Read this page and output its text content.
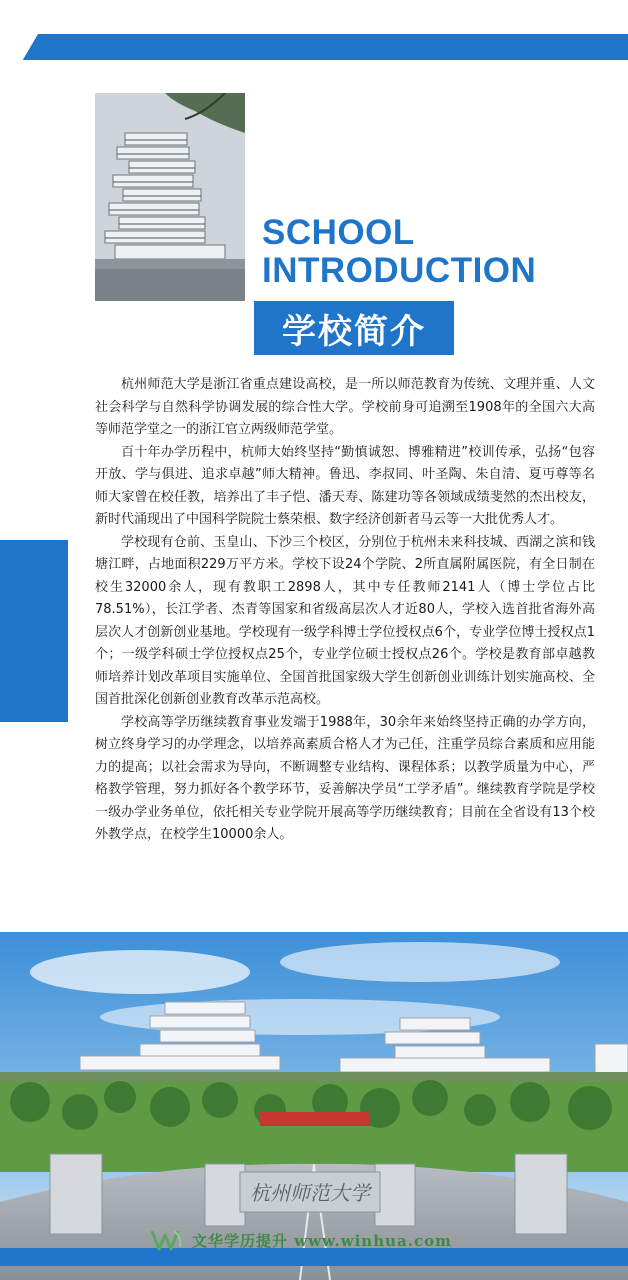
SCHOOL
INTRODUCTION
学校简介

杭州师范大学是浙江省重点建设高校，是一所以师范教育为传统、文理并重、人文社会科学与自然科学协调发展的综合性大学。学校前身可追溯至1908年的全国六大高等师范学堂之一的浙江官立两级师范学堂。

百十年办学历程中，杭师大始终坚持“勤慎诚恕、博雅精进”校训传承，弘扬“包容开放、学与俱进、追求卓越”师大精神。鲁迅、李叔同、叶圣陶、朱自清、夏丏尊等名师大家曾在校任教，培养出了丰子恺、潘天寿、陈建功等各领域成绩斐然的杰出校友，新时代涌现出了中国科学院院士蔡荣根、数字经济创新者马云等一大批优秀人才。

学校现有仓前、玉皇山、下沙三个校区，分别位于杭州未来科技城、西湖之滨和钱塘江畔，占地面积229万平方米。学校下设24个学院、2所直属附属医院，有全日制在校生32000余人，现有教职工2898人，其中专任教师2141人（博士学位占比78.51%），长江学者、杰青等国家和省级高层次人才近80人，学校入选首批省海外高层次人才创新创业基地。学校现有一级学科博士学位授权点6个，专业学位博士授权点1个；一级学科硕士学位授权点25个，专业学位硕士授权点26个。学校是教育部卓越教师培养计划改革项目实施单位、全国首批国家级大学生创新创业训练计划实施高校、全国首批深化创新创业教育改革示范高校。

学校高等学历继续教育事业发端于1988年，30余年来始终坚持正确的办学方向，树立终身学习的办学理念，以培养高素质合格人才为己任，注重学员综合素质和应用能力的提高；以社会需求为导向，不断调整专业结构、课程体系；以教学质量为中心，严格教学管理，努力抓好各个教学环节，妥善解决学员“工学矛盾”。继续教育学院是学校一级办学业务单位，依托相关专业学院开展高等学历继续教育；目前在全省设有13个校外教学点，在校学生10000余人。

杭州师范大学
文华学历提升 www.winhua.com
